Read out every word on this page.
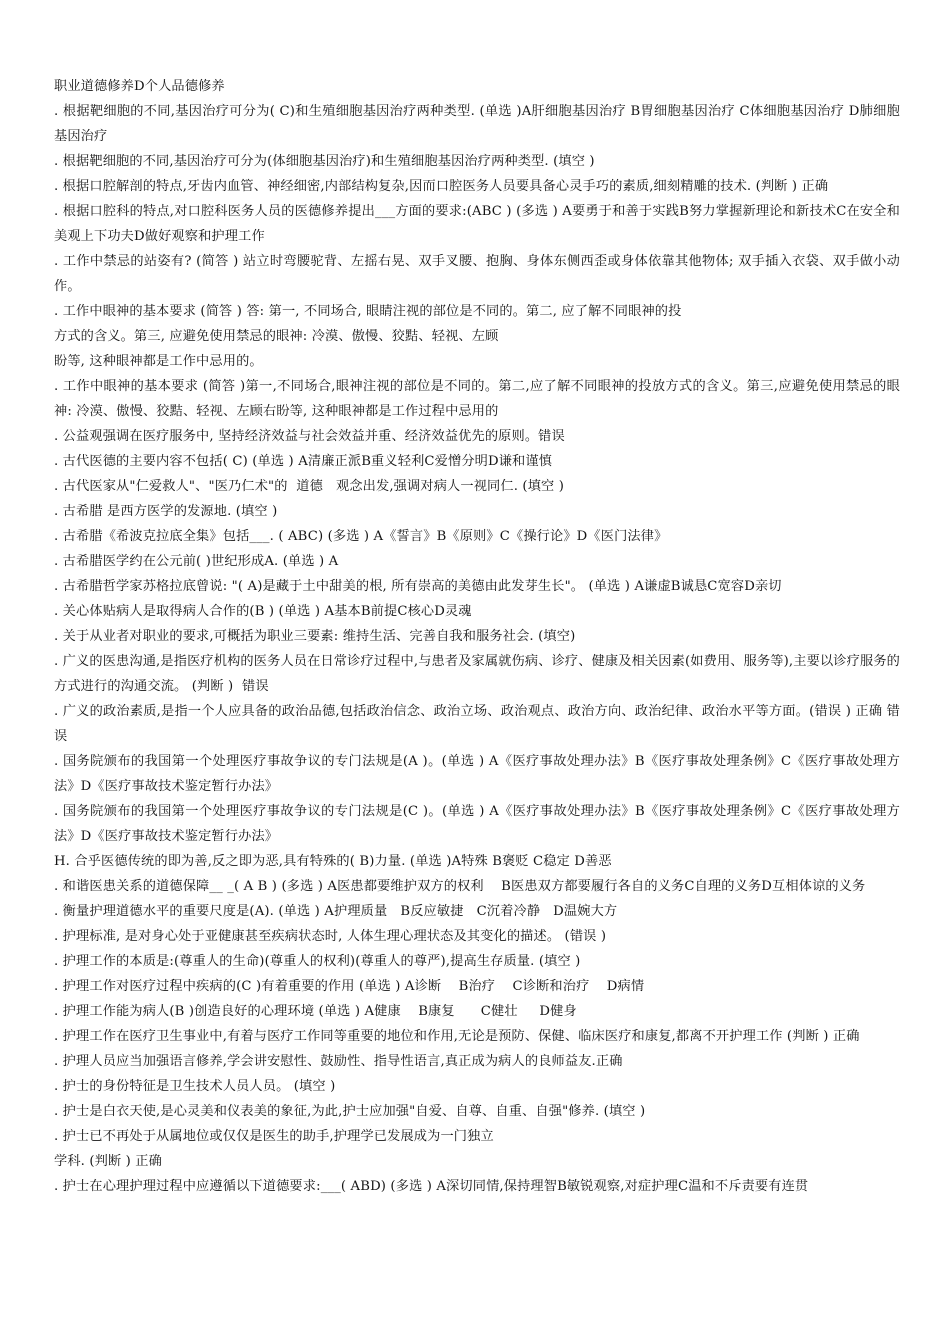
职业道德修养D个人品德修养

. 根据靶细胞的不同,基因治疗可分为( C)和生殖细胞基因治疗两种类型. (单选 )A肝细胞基因治疗 B胃细胞基因治疗 C体细胞基因治疗 D肺细胞基因治疗

. 根据靶细胞的不同,基因治疗可分为(体细胞基因治疗)和生殖细胞基因治疗两种类型. (填空 )

. 根据口腔解剖的特点,牙齿内血管、神经细密,内部结构复杂,因而口腔医务人员要具备心灵手巧的素质,细刻精雕的技术. (判断 ) 正确

. 根据口腔科的特点,对口腔科医务人员的医德修养提出___方面的要求:(ABC ) (多选 ) A要勇于和善于实践B努力掌握新理论和新技术C在安全和美观上下功夫D做好观察和护理工作

. 工作中禁忌的站姿有? (简答 ) 站立时弯腰驼背、左摇右晃、双手叉腰、抱胸、身体东侧西歪或身体依靠其他物体; 双手插入衣袋、双手做小动作。

. 工作中眼神的基本要求 (简答 ) 答: 第一, 不同场合, 眼睛注视的部位是不同的。第二, 应了解不同眼神的投

方式的含义。第三, 应避免使用禁忌的眼神: 冷漠、傲慢、狡黠、轻视、左顾

盼等, 这种眼神都是工作中忌用的。

. 工作中眼神的基本要求 (简答 )第一,不同场合,眼神注视的部位是不同的。第二,应了解不同眼神的投放方式的含义。第三,应避免使用禁忌的眼神: 冷漠、傲慢、狡黠、轻视、左顾右盼等, 这种眼神都是工作过程中忌用的

. 公益观强调在医疗服务中, 坚持经济效益与社会效益并重、经济效益优先的原则。错误

. 古代医德的主要内容不包括( C) (单选 ) A清廉正派B重义轻利C爱憎分明D谦和谨慎

. 古代医家从"仁爱救人"、"医乃仁术"的  道德   观念出发,强调对病人一视同仁. (填空 )

. 古希腊 是西方医学的发源地. (填空 )

. 古希腊《希波克拉底全集》包括___. ( ABC) (多选 ) A《誓言》B《原则》C《操行论》D《医门法律》

. 古希腊医学约在公元前( )世纪形成A. (单选 ) A

. 古希腊哲学家苏格拉底曾说: "( A)是藏于土中甜美的根, 所有崇高的美德由此发芽生长"。 (单选 ) A谦虚B诚恳C宽容D亲切

. 关心体贴病人是取得病人合作的(B ) (单选 ) A基本B前提C核心D灵魂

. 关于从业者对职业的要求,可概括为职业三要素: 维持生活、完善自我和服务社会. (填空)

. 广义的医患沟通,是指医疗机构的医务人员在日常诊疗过程中,与患者及家属就伤病、诊疗、健康及相关因素(如费用、服务等),主要以诊疗服务的方式进行的沟通交流。 (判断 )  错误

. 广义的政治素质,是指一个人应具备的政治品德,包括政治信念、政治立场、政治观点、政治方向、政治纪律、政治水平等方面。(错误 ) 正确 错误

. 国务院颁布的我国第一个处理医疗事故争议的专门法规是(A )。(单选 ) A《医疗事故处理办法》B《医疗事故处理条例》C《医疗事故处理方法》D《医疗事故技术鉴定暂行办法》

. 国务院颁布的我国第一个处理医疗事故争议的专门法规是(C )。(单选 ) A《医疗事故处理办法》B《医疗事故处理条例》C《医疗事故处理方法》D《医疗事故技术鉴定暂行办法》

H. 合乎医德传统的即为善,反之即为恶,具有特殊的( B)力量. (单选 )A特殊 B褒贬 C稳定 D善恶

. 和谐医患关系的道德保障__ _( A B ) (多选 ) A医患都要维护双方的权利    B医患双方都要履行各自的义务C自理的义务D互相体谅的义务

. 衡量护理道德水平的重要尺度是(A). (单选 ) A护理质量   B反应敏捷   C沉着冷静   D温婉大方

. 护理标准, 是对身心处于亚健康甚至疾病状态时, 人体生理心理状态及其变化的描述。 (错误 )

. 护理工作的本质是:(尊重人的生命)(尊重人的权利)(尊重人的尊严),提高生存质量. (填空 )

. 护理工作对医疗过程中疾病的(C )有着重要的作用 (单选 ) A诊断    B治疗    C诊断和治疗    D病情

. 护理工作能为病人(B )创造良好的心理环境 (单选 ) A健康    B康复      C健壮     D健身

. 护理工作在医疗卫生事业中,有着与医疗工作同等重要的地位和作用,无论是预防、保健、临床医疗和康复,都离不开护理工作 (判断 ) 正确

. 护理人员应当加强语言修养,学会讲安慰性、鼓励性、指导性语言,真正成为病人的良师益友.正确

. 护士的身份特征是卫生技术人员人员。 (填空 )

. 护士是白衣天使,是心灵美和仪表美的象征,为此,护士应加强"自爱、自尊、自重、自强"修养. (填空 )

. 护士已不再处于从属地位或仅仅是医生的助手,护理学已发展成为一门独立

学科. (判断 ) 正确

. 护士在心理护理过程中应遵循以下道德要求:___( ABD) (多选 ) A深切同情,保持理智B敏锐观察,对症护理C温和不斥责要有连贯
